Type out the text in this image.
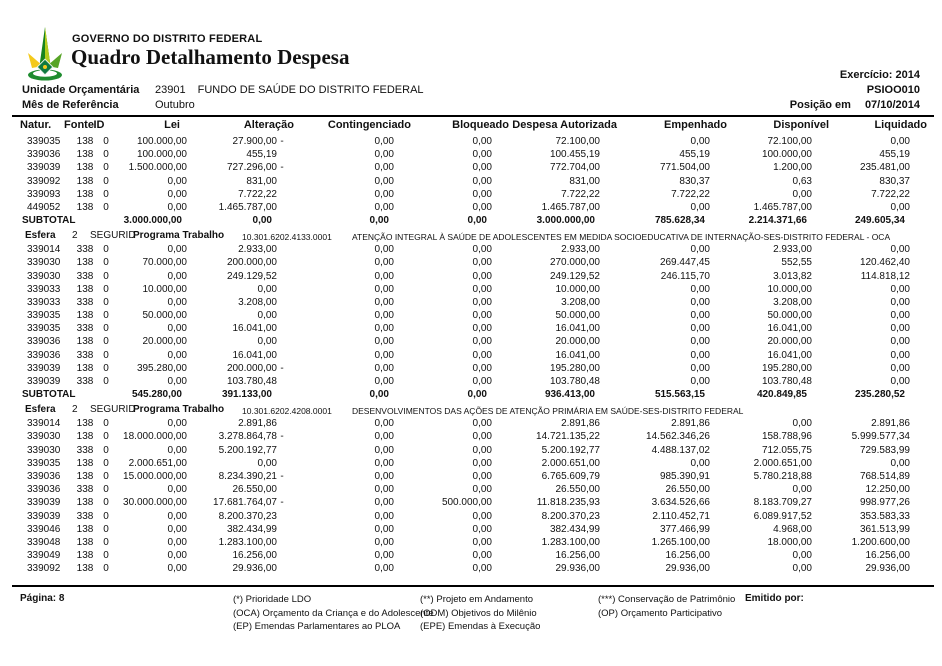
GOVERNO DO DISTRITO FEDERAL
Quadro Detalhamento Despesa
Exercício: 2014
PSIOO010
Posição em 07/10/2014
Unidade Orçamentária 23901 FUNDO DE SAÚDE DO DISTRITO FEDERAL
Mês de Referência	Outubro
Natur.	Fonte ID	Lei	Alteração	Contingenciado	Bloqueado Despesa Autorizada	Empenhado	Disponível	Liquidado
339035	138 0	100.000,00	27.900,00 -	0,00	0,00	72.100,00	0,00	72.100,00	0,00
339036	138 0	100.000,00	455,19	0,00	0,00	100.455,19	455,19	100.000,00	455,19
339039	138 0	1.500.000,00	727.296,00 -	0,00	0,00	772.704,00	771.504,00	1.200,00	235.481,00
339092	138 0	0,00	831,00	0,00	0,00	831,00	830,37	0,63	830,37
339093	138 0	0,00	7.722,22	0,00	0,00	7.722,22	7.722,22	0,00	7.722,22
449052	138 0	0,00	1.465.787,00	0,00	0,00	1.465.787,00	0,00	1.465.787,00	0,00
SUBTOTAL	3.000.000,00	0,00	0,00	0,00	3.000.000,00	785.628,34	2.214.371,66	249.605,34
Esfera 2 SEGURID
Programa Trabalho 10.301.6202.4133.0001 ATENÇÃO INTEGRAL À SAÚDE DE ADOLESCENTES EM MEDIDA SOCIOEDUCATIVA DE INTERNAÇÃO-SES-DISTRITO FEDERAL - OCA
339014	338 0	0,00	2.933,00	0,00	0,00	2.933,00	0,00	2.933,00	0,00
339030	138 0	70.000,00	200.000,00	0,00	0,00	270.000,00	269.447,45	552,55	120.462,40
339030	338 0	0,00	249.129,52	0,00	0,00	249.129,52	246.115,70	3.013,82	114.818,12
339033	138 0	10.000,00	0,00	0,00	0,00	10.000,00	0,00	10.000,00	0,00
339033	338 0	0,00	3.208,00	0,00	0,00	3.208,00	0,00	3.208,00	0,00
339035	138 0	50.000,00	0,00	0,00	0,00	50.000,00	0,00	50.000,00	0,00
339035	338 0	0,00	16.041,00	0,00	0,00	16.041,00	0,00	16.041,00	0,00
339036	138 0	20.000,00	0,00	0,00	0,00	20.000,00	0,00	20.000,00	0,00
339036	338 0	0,00	16.041,00	0,00	0,00	16.041,00	0,00	16.041,00	0,00
339039	138 0	395.280,00	200.000,00 -	0,00	0,00	195.280,00	0,00	195.280,00	0,00
339039	338 0	0,00	103.780,48	0,00	0,00	103.780,48	0,00	103.780,48	0,00
SUBTOTAL	545.280,00	391.133,00	0,00	0,00	936.413,00	515.563,15	420.849,85	235.280,52
Esfera 2 SEGURID
Programa Trabalho 10.301.6202.4208.0001 DESENVOLVIMENTOS DAS AÇÕES DE ATENÇÃO PRIMÁRIA EM SAÚDE-SES-DISTRITO FEDERAL
339014	138 0	0,00	2.891,86	0,00	0,00	2.891,86	2.891,86	0,00	2.891,86
339030	138 0	18.000.000,00	3.278.864,78 -	0,00	0,00	14.721.135,22	14.562.346,26	158.788,96	5.999.577,34
339030	338 0	0,00	5.200.192,77	0,00	0,00	5.200.192,77	4.488.137,02	712.055,75	729.583,99
339035	138 0	2.000.651,00	0,00	0,00	0,00	2.000.651,00	0,00	2.000.651,00	0,00
339036	138 0	15.000.000,00	8.234.390,21 -	0,00	0,00	6.765.609,79	985.390,91	5.780.218,88	768.514,89
339036	338 0	0,00	26.550,00	0,00	0,00	26.550,00	26.550,00	0,00	12.250,00
339039	138 0	30.000.000,00	17.681.764,07 -	0,00	500.000,00	11.818.235,93	3.634.526,66	8.183.709,27	998.977,26
339039	338 0	0,00	8.200.370,23	0,00	0,00	8.200.370,23	2.110.452,71	6.089.917,52	353.583,33
339046	138 0	0,00	382.434,99	0,00	0,00	382.434,99	377.466,99	4.968,00	361.513,99
339048	138 0	0,00	1.283.100,00	0,00	0,00	1.283.100,00	1.265.100,00	18.000,00	1.200.600,00
339049	138 0	0,00	16.256,00	0,00	0,00	16.256,00	16.256,00	0,00	16.256,00
339092	138 0	0,00	29.936,00	0,00	0,00	29.936,00	29.936,00	0,00	29.936,00
Página: 8	Emitido por:
(*) Prioridade LDO
(OCA) Orçamento da Criança e do Adolescente
(EP) Emendas Parlamentares ao PLOA
(**) Projeto em Andamento
(ODM) Objetivos do Milênio
(EPE) Emendas à Execução
(***) Conservação de Patrimônio
(OP) Orçamento Participativo
